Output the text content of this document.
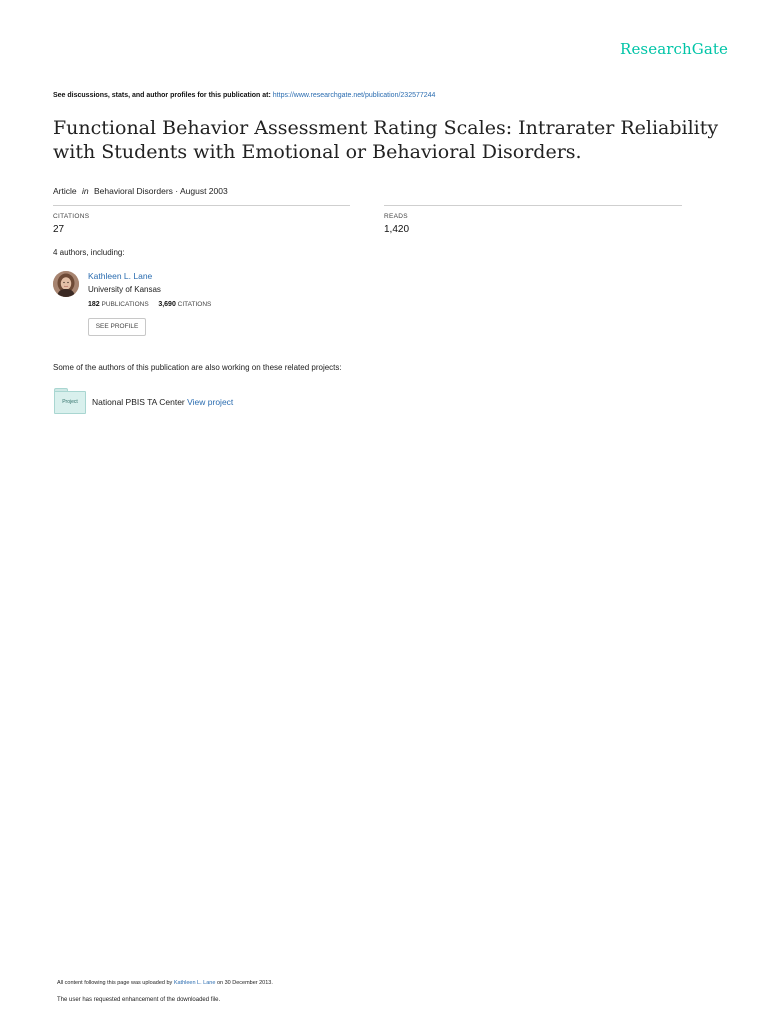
ResearchGate
See discussions, stats, and author profiles for this publication at: https://www.researchgate.net/publication/232577244
Functional Behavior Assessment Rating Scales: Intrarater Reliability with Students with Emotional or Behavioral Disorders.
Article in Behavioral Disorders · August 2003
CITATIONS
27
READS
1,420
4 authors, including:
Kathleen L. Lane
University of Kansas
182 PUBLICATIONS 3,690 CITATIONS
SEE PROFILE
Some of the authors of this publication are also working on these related projects:
Project	National PBIS TA Center View project
All content following this page was uploaded by Kathleen L. Lane on 30 December 2013.
The user has requested enhancement of the downloaded file.
